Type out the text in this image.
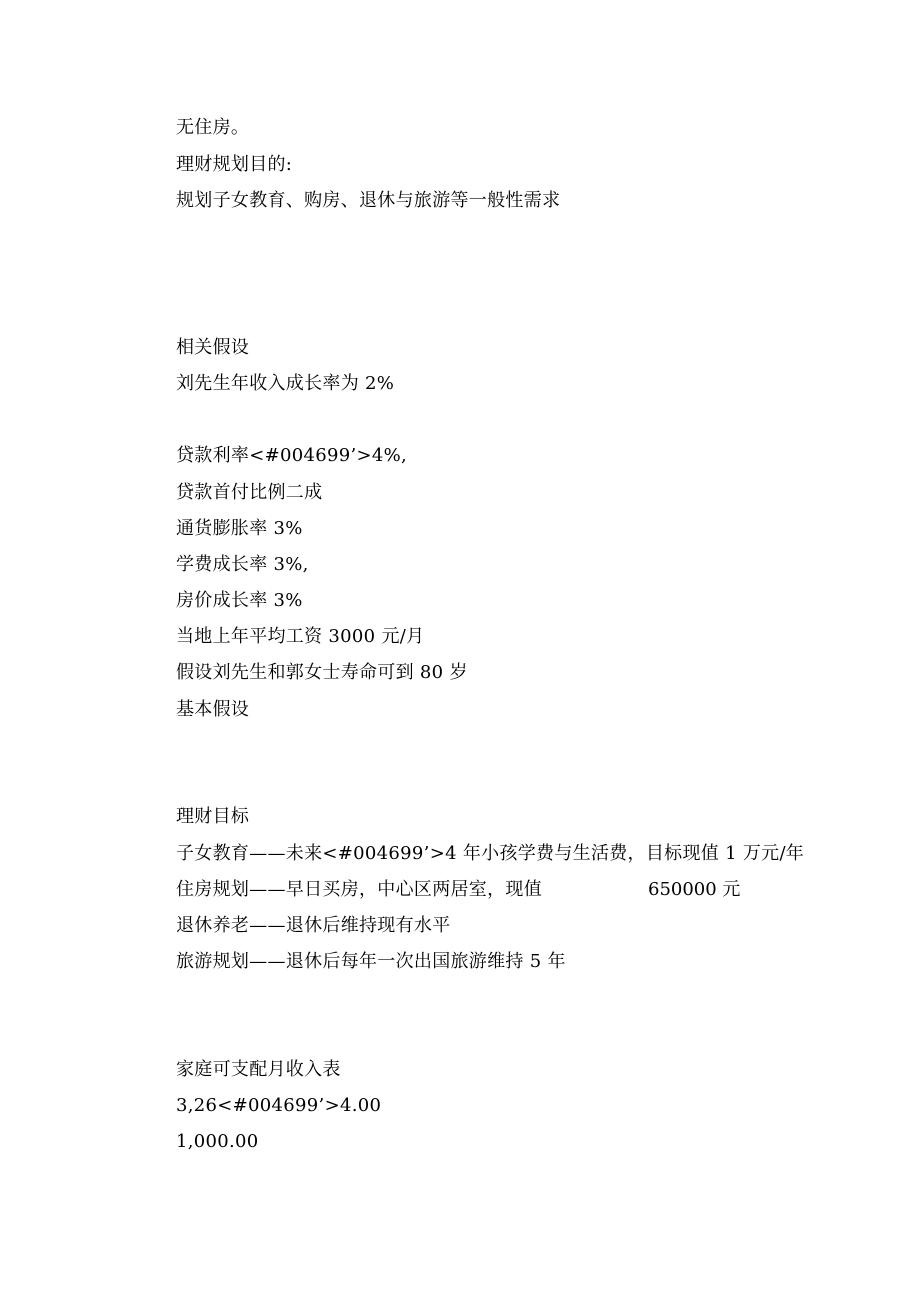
无住房。
理财规划目的:
规划子女教育、购房、退休与旅游等一般性需求
相关假设
刘先生年收入成长率为 2%
贷款利率<#004699’>4%,
贷款首付比例二成
通货膨胀率 3%
学费成长率 3%,
房价成长率 3%
当地上年平均工资 3000 元/月
假设刘先生和郭女士寿命可到 80 岁
基本假设
理财目标
子女教育——未来<#004699’>4 年小孩学费与生活费，目标现值 1 万元/年
住房规划——早日买房，中心区两居室，现值	650000 元
退休养老——退休后维持现有水平
旅游规划——退休后每年一次出国旅游维持 5 年
家庭可支配月收入表
3,26<#004699’>4.00
1,000.00
